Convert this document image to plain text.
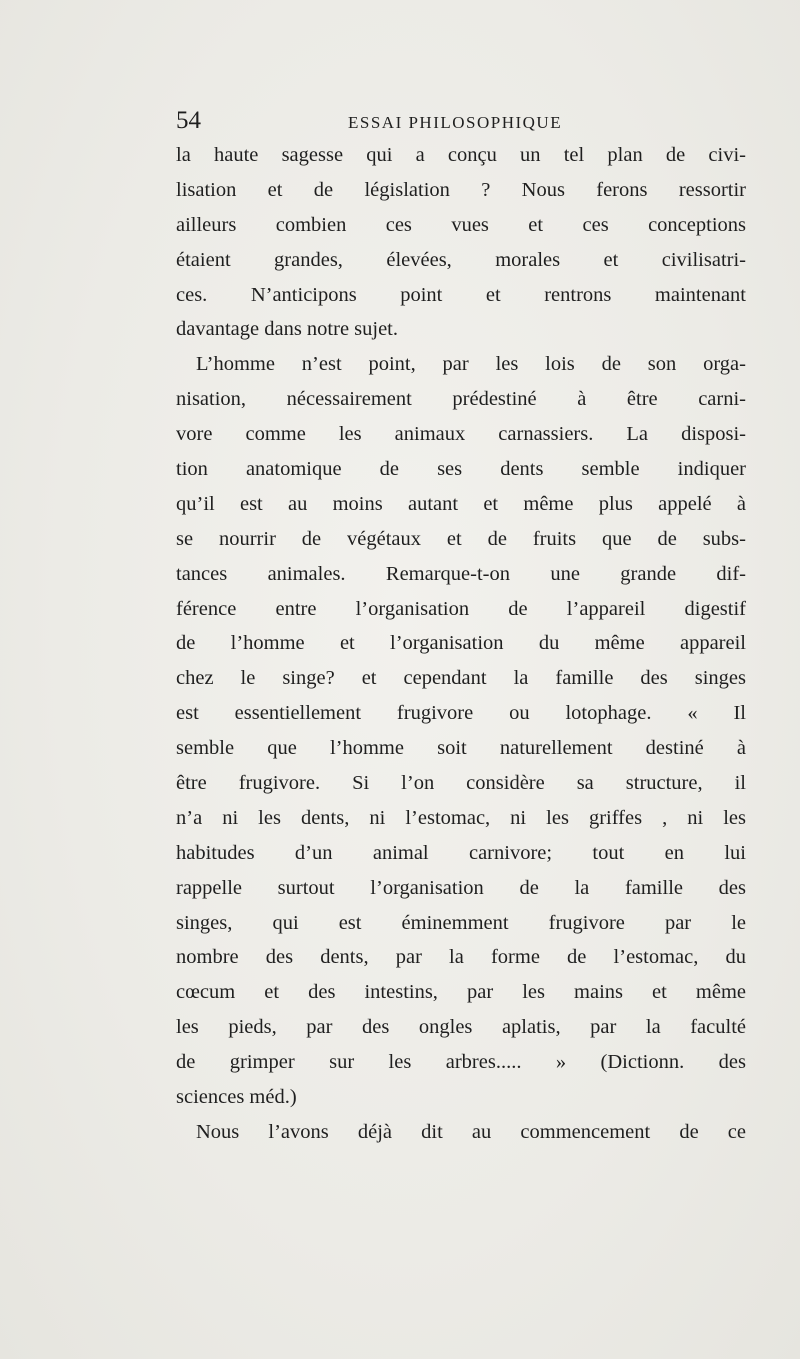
54	ESSAI PHILOSOPHIQUE
la haute sagesse qui a conçu un tel plan de civi-
lisation et de législation ? Nous ferons ressortir
ailleurs combien ces vues et ces conceptions
étaient grandes, élevées, morales et civilisatri-
ces. N’anticipons point et rentrons maintenant
davantage dans notre sujet.
L’homme n’est point, par les lois de son orga-
nisation, nécessairement prédestiné à être carni-
vore comme les animaux carnassiers. La disposi-
tion anatomique de ses dents semble indiquer
qu’il est au moins autant et même plus appelé à
se nourrir de végétaux et de fruits que de subs-
tances animales. Remarque-t-on une grande dif-
férence entre l’organisation de l’appareil digestif
de l’homme et l’organisation du même appareil
chez le singe? et cependant la famille des singes
est essentiellement frugivore ou lotophage. « Il
semble que l’homme soit naturellement destiné à
être frugivore. Si l’on considère sa structure, il
n’a ni les dents, ni l’estomac, ni les griffes , ni les
habitudes d’un animal carnivore; tout en lui
rappelle surtout l’organisation de la famille des
singes, qui est éminemment frugivore par le
nombre des dents, par la forme de l’estomac, du
cœcum et des intestins, par les mains et même
les pieds, par des ongles aplatis, par la faculté
de grimper sur les arbres..... » (Dictionn. des
sciences méd.)
Nous l’avons déjà dit au commencement de ce
